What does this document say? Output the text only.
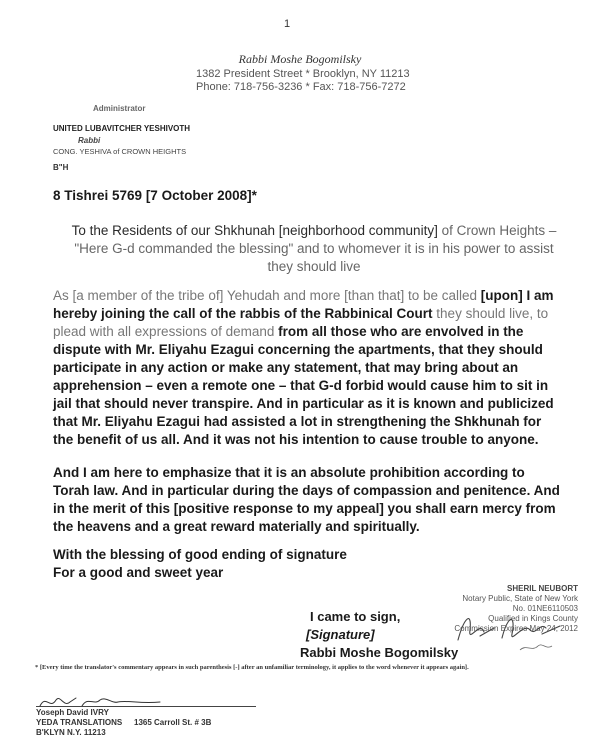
1
Rabbi Moshe Bogomilsky
1382 President Street * Brooklyn, NY 11213
Phone: 718-756-3236 * Fax: 718-756-7272
Administrator
UNITED LUBAVITCHER YESHIVOTH
Rabbi
CONG. YESHIVA of CROWN HEIGHTS
B"H
8 Tishrei 5769 [7 October 2008]*
To the Residents of our Shkhunah [neighborhood community] of Crown Heights – "Here G-d commanded the blessing" and to whomever it is in his power to assist they should live
As [a member of the tribe of] Yehudah and more [than that] to be called [upon] I am hereby joining the call of the rabbis of the Rabbinical Court they should live, to plead with all expressions of demand from all those who are envolved in the dispute with Mr. Eliyahu Ezagui concerning the apartments, that they should participate in any action or make any statement, that may bring about an apprehension – even a remote one – that G-d forbid would cause him to sit in jail that should never transpire. And in particular as it is known and publicized that Mr. Eliyahu Ezagui had assisted a lot in strengthening the Shkhunah for the benefit of us all. And it was not his intention to cause trouble to anyone.
And I am here to emphasize that it is an absolute prohibition according to Torah law. And in particular during the days of compassion and penitence. And in the merit of this [positive response to my appeal] you shall earn mercy from the heavens and a great reward materially and spiritually.
With the blessing of good ending of signature
For a good and sweet year
SHERIL NEUBORT
Notary Public, State of New York
No. 01NE6110503
Qualified in Kings County
Commission Expires May 24, 2012
I came to sign,
[Signature]
Rabbi Moshe Bogomilsky
* [Every time the translator's commentary appears in such parenthesis [-] after an unfamiliar terminology, it applies to the word whenever it appears again].
Yoseph David IVRY
YEDA TRANSLATIONS 1365 Carroll St. # 3B
B'KLYN N.Y. 11213
